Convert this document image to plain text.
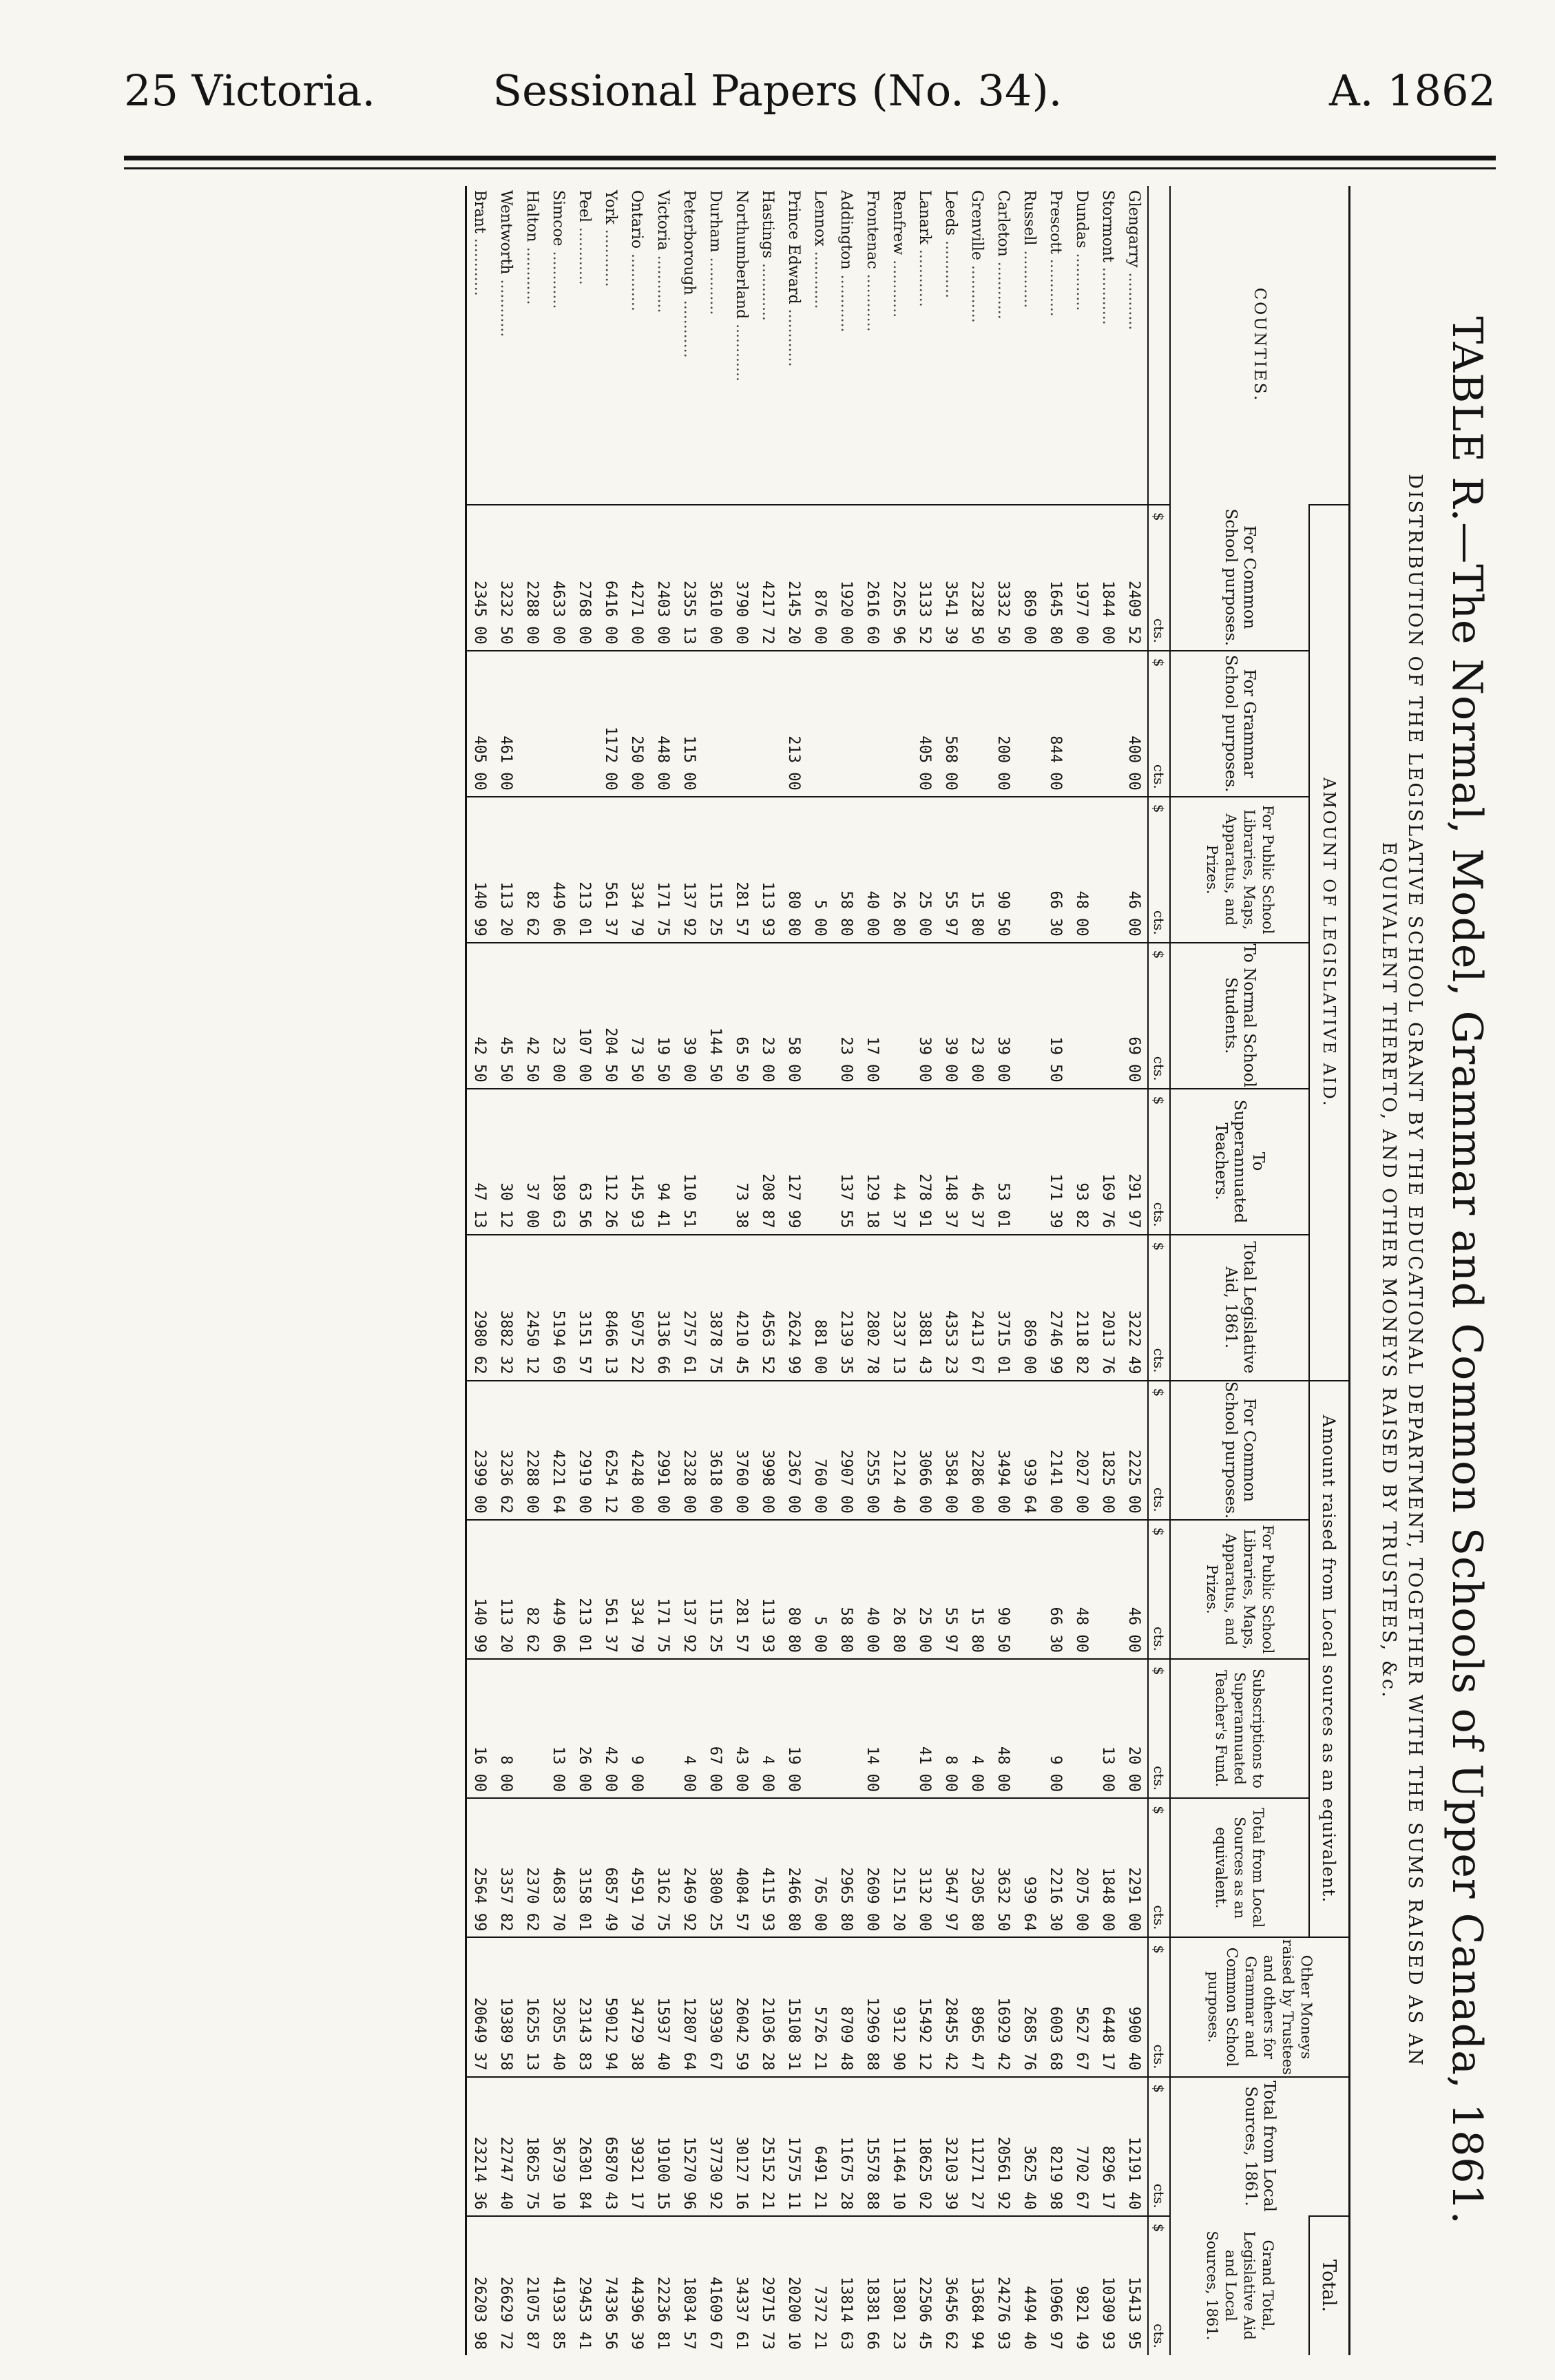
25 Victoria.	Sessional Papers (No. 34).	A. 1862
TABLE R.—The Normal, Model, Grammar and Common Schools of Upper Canada, 1861.
DISTRIBUTION OF THE LEGISLATIVE SCHOOL GRANT BY THE EDUCATIONAL DEPARTMENT, TOGETHER WITH THE SUMS RAISED AS AN
EQUIVALENT THERETO, AND OTHER MONEYS RAISED BY TRUSTEES, &c.
COUNTIES.	AMOUNT OF LEGISLATIVE AID.						Amount raised from Local sources as an equivalent.				Other Moneys raised by Trustees and others for Grammar and Common School purposes.	Total from Local Sources, 1861.	Total.
													Grand Total, Legislative Aid and Local Sources, 1861.
	For Common School purposes.	For Grammar School purposes.	For Public School Libraries, Maps, Apparatus, and Prizes.	To Normal School Students.	To Superannuated Teachers.	Total Legislative Aid, 1861.	For Common School purposes.	For Public School Libraries, Maps, Apparatus, and Prizes.	Subscriptions to Superannuated Teacher's Fund.	Total from Local Sources as an equivalent.			

	$
cts.	$
cts.	$
cts.	$
cts.	$
cts.	$
cts.	$
cts.	$
cts.	$
cts.	$
cts.	$
cts.	$
cts.	$
cts.

Glengarry .....	2409 52	400 00	46 00	69 00	291 97	3222 49	2225 00	46 00	20 00	2291 00	9900 40	12191 40	15413 95

Stormont .....	1844 00				169 76	2013 76	1825 00		13 00	1848 00	6448 17	8296 17	10309 93

Dundas .....	1977 00		48 00		93 82	2118 82	2027 00	48 00		2075 00	5627 67	7702 67	9821 49

Prescott .....	1645 80	844 00	66 30	19 50	171 39	2746 99	2141 00	66 30	9 00	2216 30	6003 68	8219 98	10966 97

Russell .....	869 00					869 00	939 64			939 64	2685 76	3625 40	4494 40

Carleton .....	3332 50	200 00	90 50	39 00	53 01	3715 01	3494 00	90 50	48 00	3632 50	16929 42	20561 92	24276 93

Grenville .....	2328 50		15 80	23 00	46 37	2413 67	2286 00	15 80	4 00	2305 80	8965 47	11271 27	13684 94

Leeds .....	3541 39	568 00	55 97	39 00	148 37	4353 23	3584 00	55 97	8 00	3647 97	28455 42	32103 39	36456 62

Lanark .....	3133 52	405 00	25 00	39 00	278 91	3881 43	3066 00	25 00	41 00	3132 00	15492 12	18625 02	22506 45

Renfrew .....	2265 96		26 80		44 37	2337 13	2124 40	26 80		2151 20	9312 90	11464 10	13801 23

Frontenac .....	2616 60		40 00	17 00	129 18	2802 78	2555 00	40 00	14 00	2609 00	12969 88	15578 88	18381 66

Addington .....	1920 00		58 80	23 00	137 55	2139 35	2907 00	58 80		2965 80	8709 48	11675 28	13814 63

Lennox .....	876 00		5 00			881 00	760 00	5 00		765 00	5726 21	6491 21	7372 21

Prince Edward .....	2145 20	213 00	80 80	58 00	127 99	2624 99	2367 00	80 80	19 00	2466 80	15108 31	17575 11	20200 10

Hastings .....	4217 72		113 93	23 00	208 87	4563 52	3998 00	113 93	4 00	4115 93	21036 28	25152 21	29715 73

Northumberland .....	3790 00		281 57	65 50	73 38	4210 45	3760 00	281 57	43 00	4084 57	26042 59	30127 16	34337 61

Durham .....	3610 00		115 25	144 50		3878 75	3618 00	115 25	67 00	3800 25	33930 67	37730 92	41609 67

Peterborough .....	2355 13	115 00	137 92	39 00	110 51	2757 61	2328 00	137 92	4 00	2469 92	12807 64	15270 96	18034 57

Victoria .....	2403 00	448 00	171 75	19 50	94 41	3136 66	2991 00	171 75		3162 75	15937 40	19100 15	22236 81

Ontario .....	4271 00	250 00	334 79	73 50	145 93	5075 22	4248 00	334 79	9 00	4591 79	34729 38	39321 17	44396 39

York .....	6416 00	1172 00	561 37	204 50	112 26	8466 13	6254 12	561 37	42 00	6857 49	59012 94	65870 43	74336 56

Peel .....	2768 00		213 01	107 00	63 56	3151 57	2919 00	213 01	26 00	3158 01	23143 83	26301 84	29453 41

Simcoe .....	4633 00		449 06	23 00	189 63	5194 69	4221 64	449 06	13 00	4683 70	32055 40	36739 10	41933 85

Halton .....	2288 00		82 62	42 50	37 00	2450 12	2288 00	82 62		2370 62	16255 13	18625 75	21075 87

Wentworth .....	3232 50	461 00	113 20	45 50	30 12	3882 32	3236 62	113 20	8 00	3357 82	19389 58	22747 40	26629 72

Brant .....	2345 00	405 00	140 99	42 50	47 13	2980 62	2399 00	140 99	16 00	2564 99	20649 37	23214 36	26203 98
